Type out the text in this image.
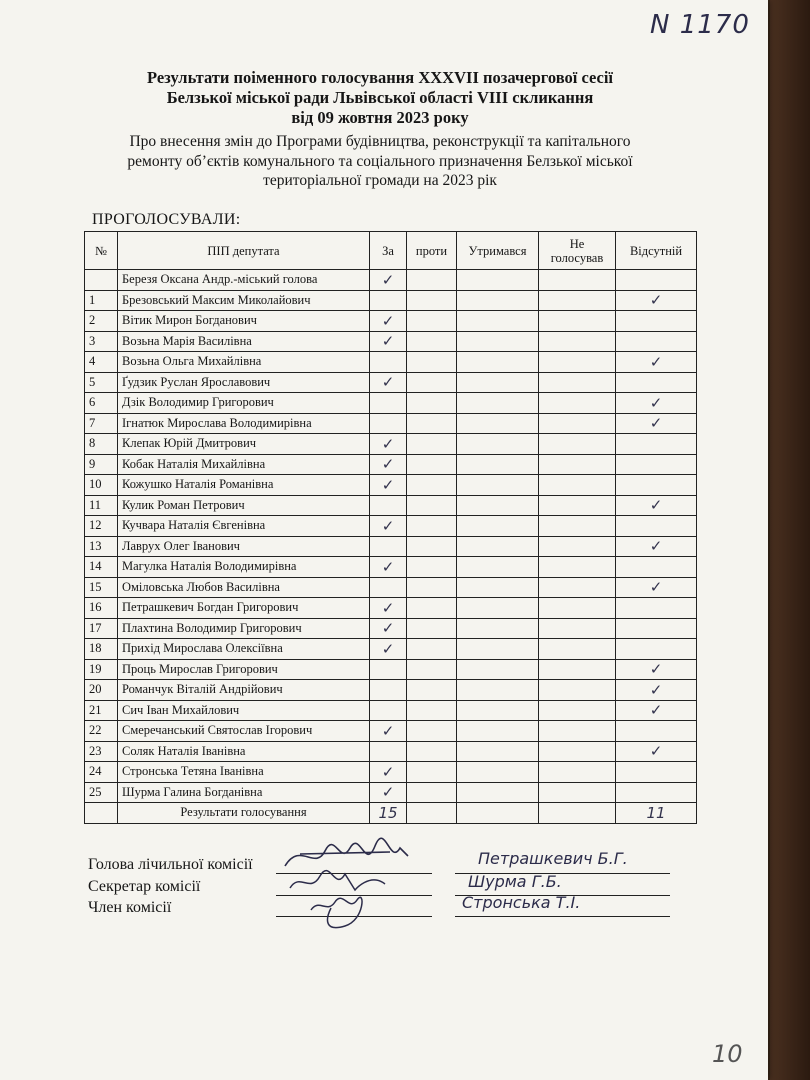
N 1170
Результати поіменного голосування XXXVII позачергової сесії
Белзької міської ради Львівської області VIII скликання
від 09 жовтня 2023 року
Про внесення змін до Програми будівництва, реконструкції та капітального
ремонту об’єктів комунального та соціального призначення Белзької міської
територіальної громади на 2023 рік
ПРОГОЛОСУВАЛИ:
№	ПІП депутата	За	проти	Утримався	Не голосував	Відсутній
	Березя Оксана Андр.-міський голова	✓				
1	Брезовський Максим Миколайович					✓
2	Вітик Мирон Богданович	✓				
3	Возьна Марія Василівна	✓				
4	Возьна Ольга Михайлівна					✓
5	Ґудзик Руслан Ярославович	✓				
6	Дзік Володимир Григорович					✓
7	Ігнатюк Мирослава Володимирівна					✓
8	Клепак Юрій Дмитрович	✓				
9	Кобак Наталія Михайлівна	✓				
10	Кожушко Наталія Романівна	✓				
11	Кулик Роман Петрович					✓
12	Кучвара Наталія Євгенівна	✓				
13	Лаврух Олег Іванович					✓
14	Магулка Наталія Володимирівна	✓				
15	Оміловська Любов Василівна					✓
16	Петрашкевич Богдан Григорович	✓				
17	Плахтина Володимир Григорович	✓				
18	Прихід Мирослава Олексіївна	✓				
19	Проць Мирослав Григорович					✓
20	Романчук Віталій Андрійович					✓
21	Сич Іван Михайлович					✓
22	Смеречанський Святослав Ігорович	✓				
23	Соляк Наталія Іванівна					✓
24	Стронська Тетяна Іванівна	✓				
25	Шурма Галина Богданівна	✓				
	Результати голосування	15				11
Голова лічильної комісії
Секретар комісії
Член комісії
Петрашкевич Б.Г.
Шурма Г.Б.
Стронська Т.І.
10
